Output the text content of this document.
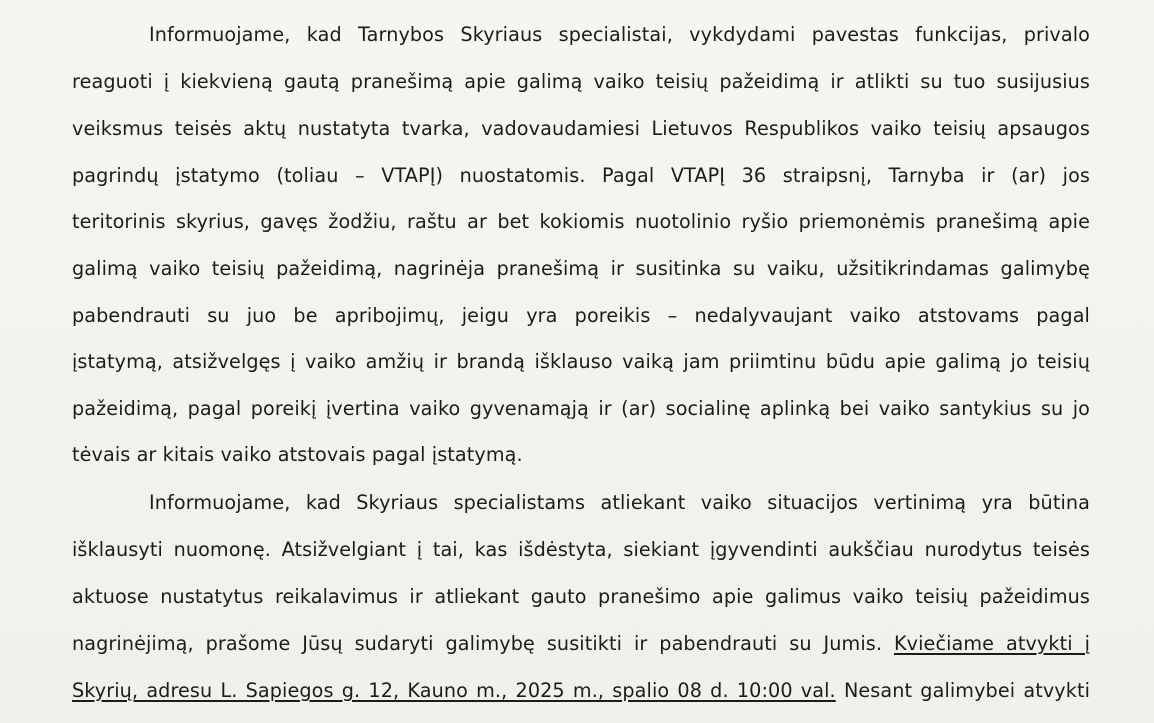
Informuojame, kad Tarnybos Skyriaus specialistai, vykdydami pavestas funkcijas, privalo
reaguoti į kiekvieną gautą pranešimą apie galimą vaiko teisių pažeidimą ir atlikti su tuo susijusius
veiksmus teisės aktų nustatyta tvarka, vadovaudamiesi Lietuvos Respublikos vaiko teisių apsaugos
pagrindų įstatymo (toliau – VTAPĮ) nuostatomis. Pagal VTAPĮ 36 straipsnį, Tarnyba ir (ar) jos
teritorinis skyrius, gavęs žodžiu, raštu ar bet kokiomis nuotolinio ryšio priemonėmis pranešimą apie
galimą vaiko teisių pažeidimą, nagrinėja pranešimą ir susitinka su vaiku, užsitikrindamas galimybę
pabendrauti su juo be apribojimų, jeigu yra poreikis – nedalyvaujant vaiko atstovams pagal
įstatymą, atsižvelgęs į vaiko amžių ir brandą išklauso vaiką jam priimtinu būdu apie galimą jo teisių
pažeidimą, pagal poreikį įvertina vaiko gyvenamąją ir (ar) socialinę aplinką bei vaiko santykius su jo
tėvais ar kitais vaiko atstovais pagal įstatymą.
Informuojame, kad Skyriaus specialistams atliekant vaiko situacijos vertinimą yra būtina
išklausyti nuomonę. Atsižvelgiant į tai, kas išdėstyta, siekiant įgyvendinti aukščiau nurodytus teisės
aktuose nustatytus reikalavimus ir atliekant gauto pranešimo apie galimus vaiko teisių pažeidimus
nagrinėjimą, prašome Jūsų sudaryti galimybę susitikti ir pabendrauti su Jumis. Kviečiame atvykti į
Skyrių, adresu L. Sapiegos g. 12, Kauno m., 2025 m., spalio 08 d. 10:00 val. Nesant galimybei atvykti
